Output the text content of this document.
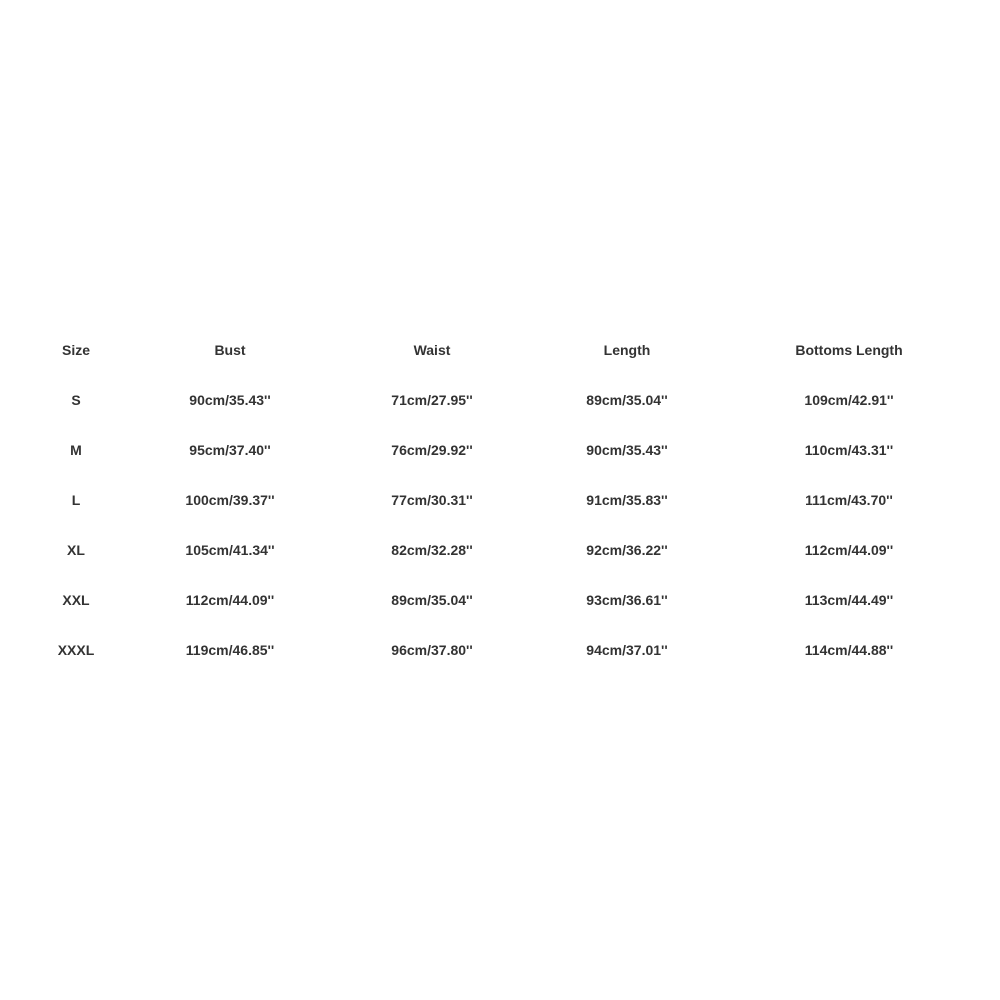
Size	Bust	Waist	Length	Bottoms Length
S	90cm/35.43''	71cm/27.95''	89cm/35.04''	109cm/42.91''
M	95cm/37.40''	76cm/29.92''	90cm/35.43''	110cm/43.31''
L	100cm/39.37''	77cm/30.31''	91cm/35.83''	111cm/43.70''
XL	105cm/41.34''	82cm/32.28''	92cm/36.22''	112cm/44.09''
XXL	112cm/44.09''	89cm/35.04''	93cm/36.61''	113cm/44.49''
XXXL	119cm/46.85''	96cm/37.80''	94cm/37.01''	114cm/44.88''
